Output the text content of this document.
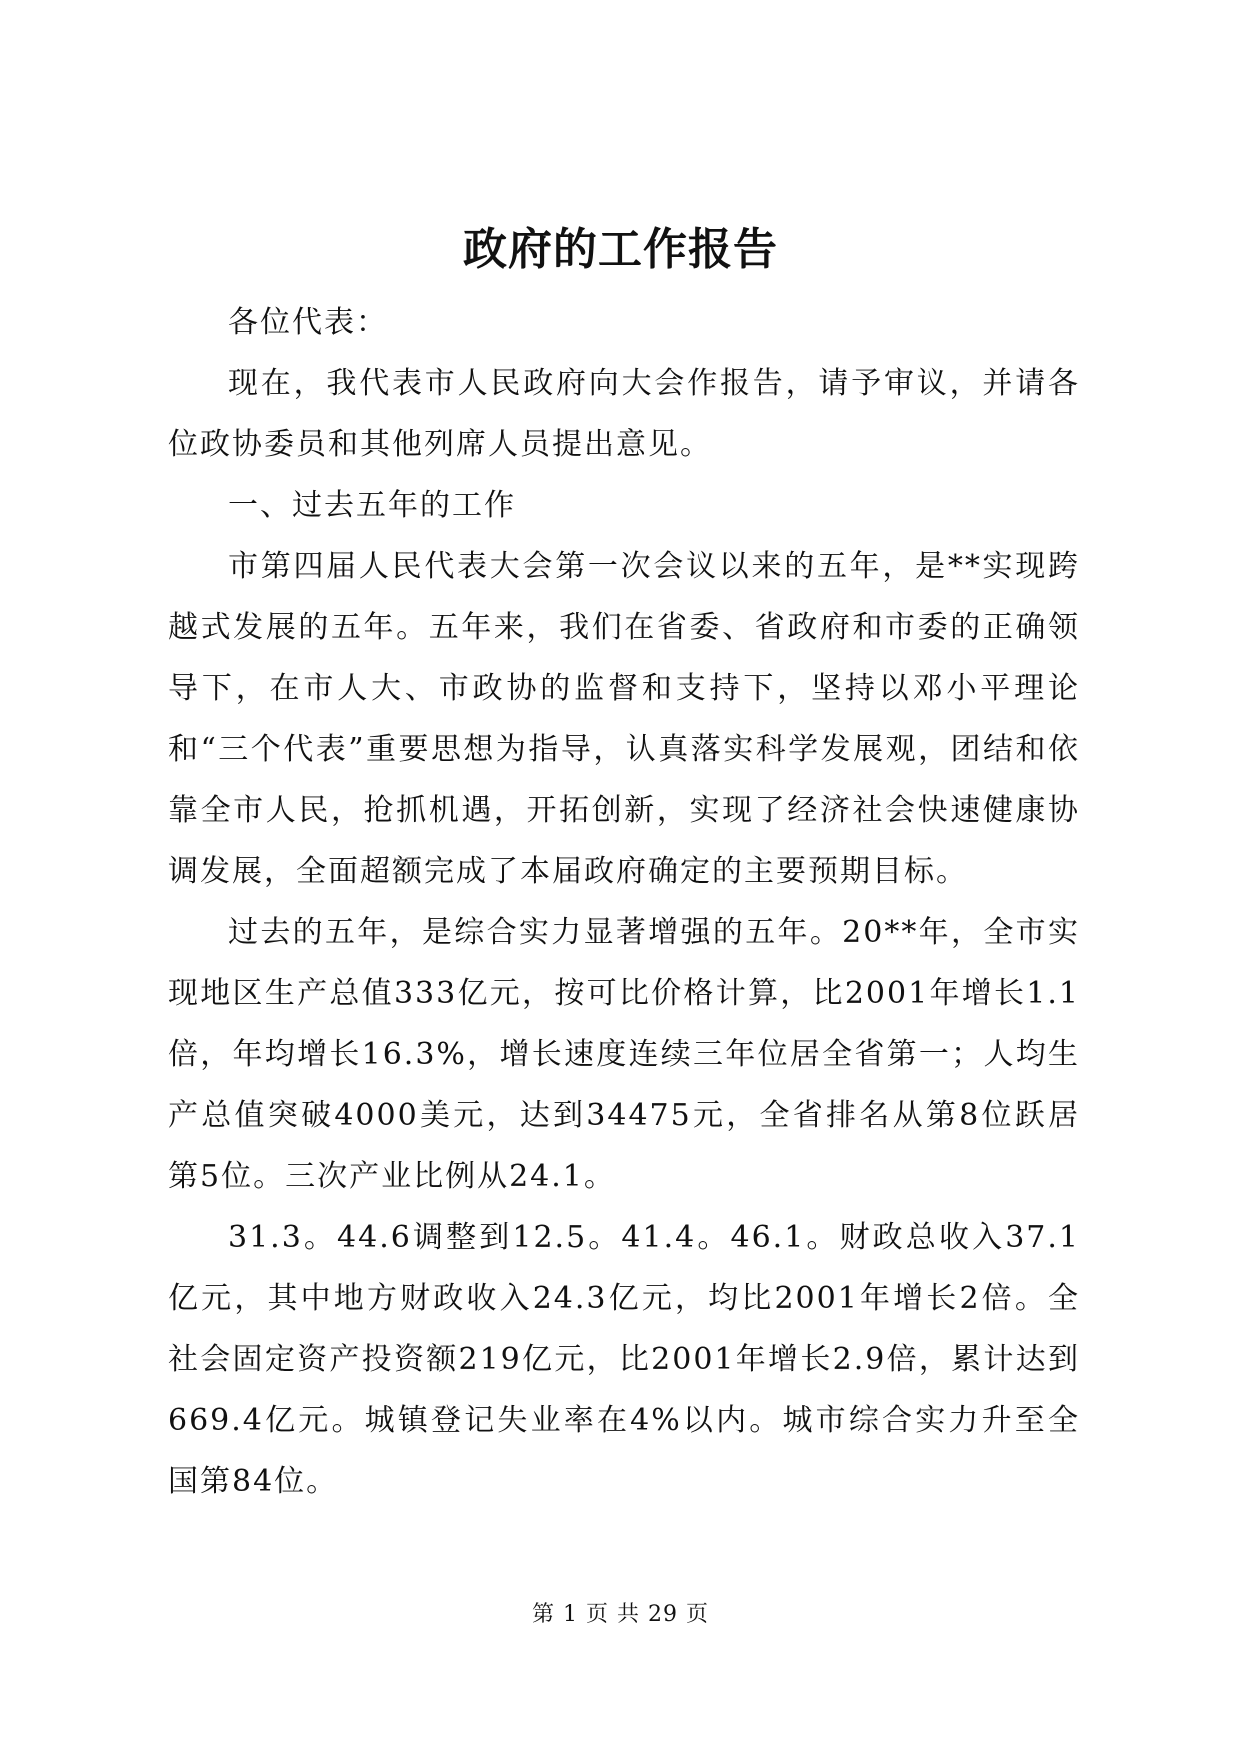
政府的工作报告

各位代表：

现在，我代表市人民政府向大会作报告，请予审议，并请各位政协委员和其他列席人员提出意见。

一、过去五年的工作

市第四届人民代表大会第一次会议以来的五年，是**实现跨越式发展的五年。五年来，我们在省委、省政府和市委的正确领导下，在市人大、市政协的监督和支持下，坚持以邓小平理论和“三个代表”重要思想为指导，认真落实科学发展观，团结和依靠全市人民，抢抓机遇，开拓创新，实现了经济社会快速健康协调发展，全面超额完成了本届政府确定的主要预期目标。

过去的五年，是综合实力显著增强的五年。20**年，全市实现地区生产总值333亿元，按可比价格计算，比2001年增长1.1倍，年均增长16.3%，增长速度连续三年位居全省第一；人均生产总值突破4000美元，达到34475元，全省排名从第8位跃居第5位。三次产业比例从24.1。

31.3。44.6调整到12.5。41.4。46.1。财政总收入37.1亿元，其中地方财政收入24.3亿元，均比2001年增长2倍。全社会固定资产投资额219亿元，比2001年增长2.9倍，累计达到669.4亿元。城镇登记失业率在4%以内。城市综合实力升至全国第84位。

第 1 页 共 29 页
